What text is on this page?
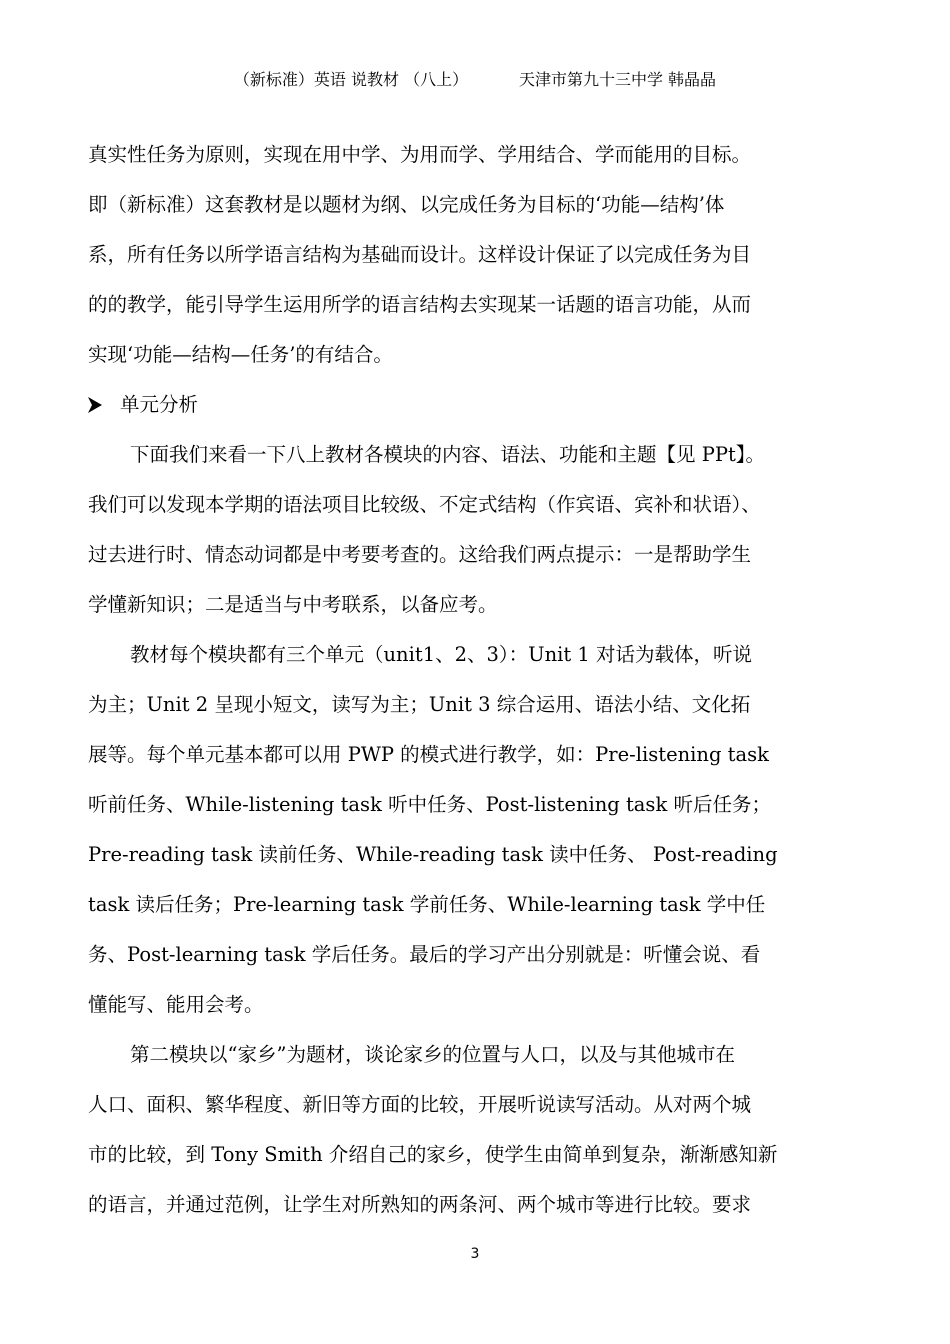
（新标准）英语 说教材 （八上）	天津市第九十三中学 韩晶晶
真实性任务为原则，实现在用中学、为用而学、学用结合、学而能用的目标。
即（新标准）这套教材是以题材为纲、以完成任务为目标的‘功能—结构’体
系，所有任务以所学语言结构为基础而设计。这样设计保证了以完成任务为目
的的教学，能引导学生运用所学的语言结构去实现某一话题的语言功能，从而
实现‘功能—结构—任务’的有结合。
单元分析
下面我们来看一下八上教材各模块的内容、语法、功能和主题【见 PPt】。
我们可以发现本学期的语法项目比较级、不定式结构（作宾语、宾补和状语）、
过去进行时、情态动词都是中考要考查的。这给我们两点提示：一是帮助学生
学懂新知识；二是适当与中考联系，以备应考。
教材每个模块都有三个单元（unit1、2、3）：Unit 1 对话为载体，听说
为主；Unit 2 呈现小短文，读写为主；Unit 3 综合运用、语法小结、文化拓
展等。每个单元基本都可以用 PWP 的模式进行教学，如：Pre-listening task
听前任务、While-listening task 听中任务、Post-listening task 听后任务；
Pre-reading task 读前任务、While-reading task 读中任务、 Post-reading
task 读后任务；Pre-learning task 学前任务、While-learning task 学中任
务、Post-learning task 学后任务。最后的学习产出分别就是：听懂会说、看
懂能写、能用会考。
第二模块以“家乡”为题材，谈论家乡的位置与人口，以及与其他城市在
人口、面积、繁华程度、新旧等方面的比较，开展听说读写活动。从对两个城
市的比较，到 Tony Smith 介绍自己的家乡，使学生由简单到复杂，渐渐感知新
的语言，并通过范例，让学生对所熟知的两条河、两个城市等进行比较。要求
3
